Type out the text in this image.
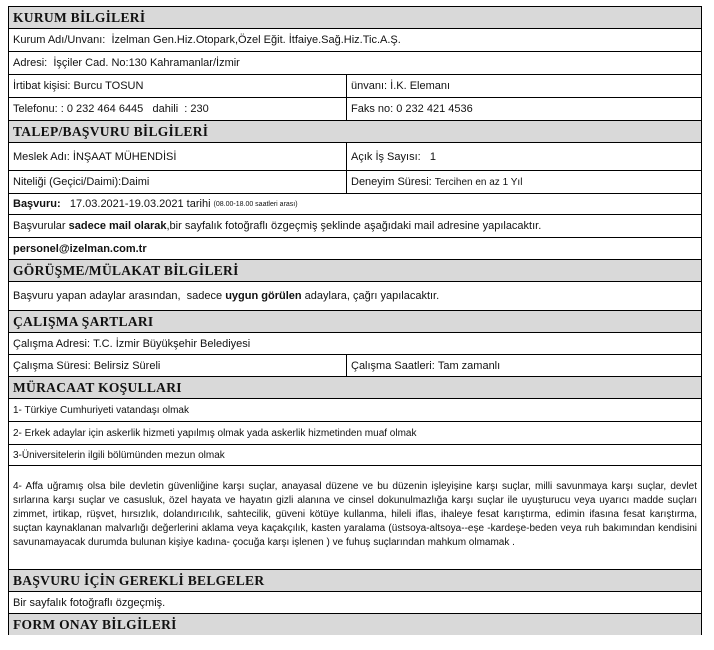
KURUM BİLGİLERİ
Kurum Adı/Unvanı:
İzelman Gen.Hiz.Otopark,Özel Eğit. İtfaiye.Sağ.Hiz.Tic.A.Ş.
Adresi:
İşçiler Cad. No:130 Kahramanlar/İzmir
İrtibat kişisi:
Burcu TOSUN	ünvanı:
İ.K. Elemanı
Telefonu:
: 0 232 464 6445   dahili  : 230	Faks no:
0 232 421 4536
TALEP/BAŞVURU BİLGİLERİ
Meslek Adı:
İNŞAAT MÜHENDİSİ	Açık İş Sayısı:
1
Niteliği (Geçici/Daimi): Daimi	Deneyim Süresi:
Tercihen en az 1 Yıl
Başvuru:
17.03.2021-19.03.2021 tarihi (08.00-18.00 saatleri arası)
Başvurular sadece mail olarak ,bir sayfalık fotoğraflı özgeçmiş şeklinde aşağıdaki mail adresine yapılacaktır.
personel@izelman.com.tr
GÖRÜŞME/MÜLAKAT BİLGİLERİ
Başvuru yapan adaylar arasından,  sadece uygun görülen adaylara, çağrı yapılacaktır.
ÇALIŞMA ŞARTLARI
Çalışma Adresi:
T.C. İzmir Büyükşehir Belediyesi
Çalışma Süresi:
Belirsiz Süreli	Çalışma Saatleri:
Tam zamanlı
MÜRACAAT KOŞULLARI
1- Türkiye Cumhuriyeti vatandaşı olmak
2- Erkek adaylar için askerlik hizmeti yapılmış olmak yada askerlik hizmetinden muaf olmak
3-Üniversitelerin ilgili bölümünden mezun olmak
4- Affa uğramış olsa bile devletin güvenliğine karşı suçlar, anayasal düzene ve bu düzenin işleyişine karşı suçlar, milli savunmaya karşı suçlar, devlet sırlarına karşı suçlar ve casusluk, özel hayata ve hayatın gizli alanına ve cinsel dokunulmazlığa karşı suçlar ile uyuşturucu veya uyarıcı madde suçları zimmet, irtikap, rüşvet, hırsızlık, dolandırıcılık, sahtecilik, güveni kötüye kullanma, hileli iflas, ihaleye fesat karıştırma, edimin ifasına fesat karıştırma, suçtan kaynaklanan malvarlığı değerlerini aklama veya kaçakçılık, kasten yaralama (üstsoya-altsoya--eşe -kardeşe-beden veya ruh bakımından kendisini savunamayacak durumda bulunan kişiye kadına- çocuğa karşı işlenen ) ve fuhuş suçlarından mahkum olmamak .
BAŞVURU İÇİN GEREKLİ BELGELER
Bir sayfalık fotoğraflı özgeçmiş.
FORM ONAY BİLGİLERİ
